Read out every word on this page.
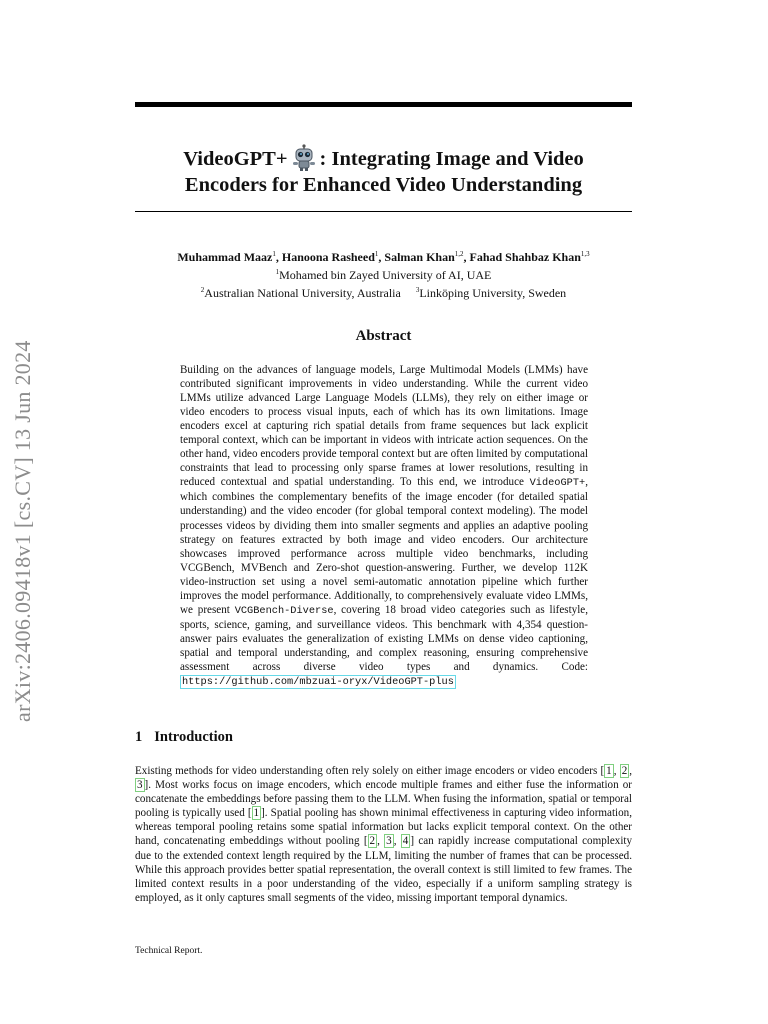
arXiv:2406.09418v1 [cs.CV] 13 Jun 2024
VideoGPT+ : Integrating Image and Video
Encoders for Enhanced Video Understanding
Muhammad Maaz$^1$, Hanoona Rasheed$^1$, Salman Khan$^{1,2}$, Fahad Shahbaz Khan$^{1,3}$
$^1$Mohamed bin Zayed University of AI, UAE
$^2$Australian National University, Australia $^3$Linköping University, Sweden
Abstract

Building on the advances of language models, Large Multimodal Models (LMMs) have contributed significant improvements in video understanding. While the current video LMMs utilize advanced Large Language Models (LLMs), they rely on either image or video encoders to process visual inputs, each of which has its own limitations. Image encoders excel at capturing rich spatial details from frame sequences but lack explicit temporal context, which can be important in videos with intricate action sequences. On the other hand, video encoders provide temporal context but are often limited by computational constraints that lead to processing only sparse frames at lower resolutions, resulting in reduced contextual and spatial understanding. To this end, we introduce VideoGPT+, which combines the complementary benefits of the image encoder (for detailed spatial understanding) and the video encoder (for global temporal context modeling). The model processes videos by dividing them into smaller segments and applies an adaptive pooling strategy on features extracted by both image and video encoders. Our architecture showcases improved performance across multiple video benchmarks, including VCGBench, MVBench and Zero-shot question-answering. Further, we develop 112K video-instruction set using a novel semi-automatic annotation pipeline which further improves the model performance. Additionally, to comprehensively evaluate video LMMs, we present VCGBench-Diverse, covering 18 broad video categories such as lifestyle, sports, science, gaming, and surveillance videos. This benchmark with 4,354 question-answer pairs evaluates the generalization of existing LMMs on dense video captioning, spatial and temporal understanding, and complex reasoning, ensuring comprehensive assessment across diverse video types and dynamics. Code: https://github.com/mbzuai-oryx/VideoGPT-plus

1 Introduction

Existing methods for video understanding often rely solely on either image encoders or video encoders [ 1 , 2 , 3 ]. Most works focus on image encoders, which encode multiple frames and either fuse the information or concatenate the embeddings before passing them to the LLM. When fusing the information, spatial or temporal pooling is typically used [ 1 ]. Spatial pooling has shown minimal effectiveness in capturing video information, whereas temporal pooling retains some spatial information but lacks explicit temporal context. On the other hand, concatenating embeddings without pooling [ 2 , 3 , 4 ] can rapidly increase computational complexity due to the extended context length required by the LLM, limiting the number of frames that can be processed. While this approach provides better spatial representation, the overall context is still limited to few frames. The limited context results in a poor understanding of the video, especially if a uniform sampling strategy is employed, as it only captures small segments of the video, missing important temporal dynamics.

Technical Report.
